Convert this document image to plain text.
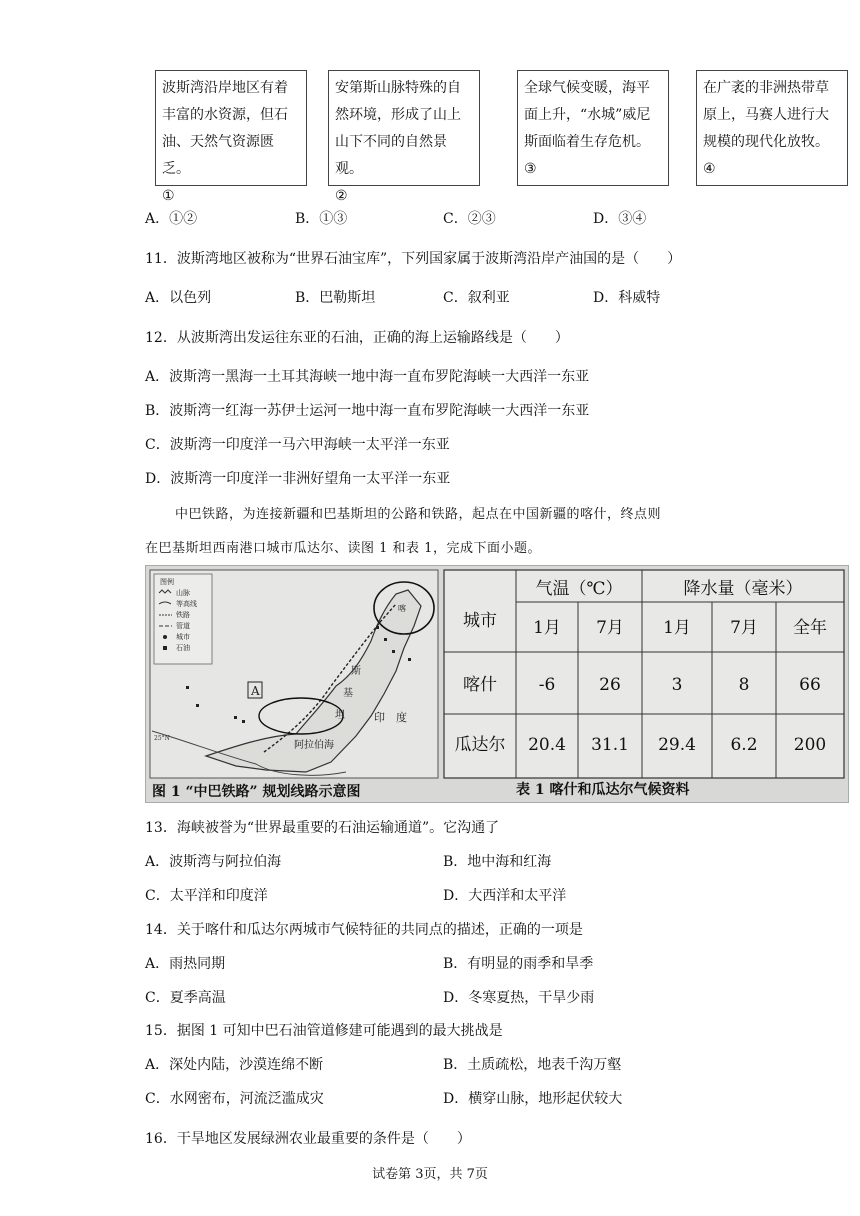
波斯湾沿岸地区有着丰富的水资源，但石油、天然气资源匮乏。
①
安第斯山脉特殊的自然环境，形成了山上山下不同的自然景观。
②
全球气候变暖，海平面上升，“水城”威尼斯面临着生存危机。
③
在广袤的非洲热带草原上，马赛人进行大规模的现代化放牧。
④
A．①②	B．①③	C．②③	D．③④
11．波斯湾地区被称为“世界石油宝库”，下列国家属于波斯湾沿岸产油国的是（　　）
A．以色列	B．巴勒斯坦	C．叙利亚	D．科威特
12．从波斯湾出发运往东亚的石油，正确的海上运输路线是（　　）
A．波斯湾一黑海一土耳其海峡一地中海一直布罗陀海峡一大西洋一东亚
B．波斯湾一红海一苏伊士运河一地中海一直布罗陀海峡一大西洋一东亚
C．波斯湾一印度洋一马六甲海峡一太平洋一东亚
D．波斯湾一印度洋一非洲好望角一太平洋一东亚
中巴铁路，为连接新疆和巴基斯坦的公路和铁路，起点在中国新疆的喀什，终点则
在巴基斯坦西南港口城市瓜达尔、读图 1 和表 1，完成下面小题。
图例
山脉
等高线
铁路
管道
城市
石油
A
印　度
阿拉伯海
喀
斯
基
坦
25°N
城市
气温（℃）	降水量（毫米）
1月 7月 1月 7月 全年
喀什 -6	26	3	8	66
瓜达尔 20.4 31.1 29.4 6.2 200
图 1 “中巴铁路” 规划线路示意图	表 1 喀什和瓜达尔气候资料
13．海峡被誉为“世界最重要的石油运输通道”。它沟通了
A．波斯湾与阿拉伯海	B．地中海和红海
C．太平洋和印度洋	D．大西洋和太平洋
14．关于喀什和瓜达尔两城市气候特征的共同点的描述，正确的一项是
A．雨热同期	B．有明显的雨季和旱季
C．夏季高温	D．冬寒夏热，干旱少雨
15．据图 1 可知中巴石油管道修建可能遇到的最大挑战是
A．深处内陆，沙漠连绵不断	B．土质疏松，地表千沟万壑
C．水网密布，河流泛滥成灾	D．横穿山脉，地形起伏较大
16．干旱地区发展绿洲农业最重要的条件是（　　）
试卷第 3页，共 7页
